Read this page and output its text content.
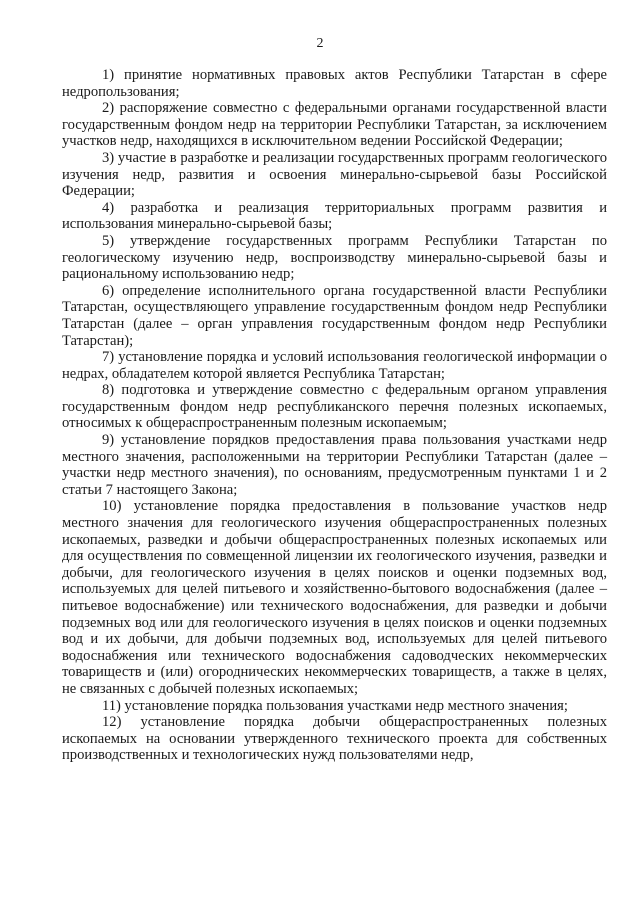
2

1) принятие нормативных правовых актов Республики Татарстан в сфере недропользования;

2) распоряжение совместно с федеральными органами государственной власти государственным фондом недр на территории Республики Татарстан, за исключением участков недр, находящихся в исключительном ведении Российской Федерации;

3) участие в разработке и реализации государственных программ геологического изучения недр, развития и освоения минерально-сырьевой базы Российской Федерации;

4) разработка и реализация территориальных программ развития и использования минерально-сырьевой базы;

5) утверждение государственных программ Республики Татарстан по геологическому изучению недр, воспроизводству минерально-сырьевой базы и рациональному использованию недр;

6) определение исполнительного органа государственной власти Республики Татарстан, осуществляющего управление государственным фондом недр Республики Татарстан (далее – орган управления государственным фондом недр Республики Татарстан);

7) установление порядка и условий использования геологической информации о недрах, обладателем которой является Республика Татарстан;

8) подготовка и утверждение совместно с федеральным органом управления государственным фондом недр республиканского перечня полезных ископаемых, относимых к общераспространенным полезным ископаемым;

9) установление порядков предоставления права пользования участками недр местного значения, расположенными на территории Республики Татарстан (далее – участки недр местного значения), по основаниям, предусмотренным пунктами 1 и 2 статьи 7 настоящего Закона;

10) установление порядка предоставления в пользование участков недр местного значения для геологического изучения общераспространенных полезных ископаемых, разведки и добычи общераспространенных полезных ископаемых или для осуществления по совмещенной лицензии их геологического изучения, разведки и добычи, для геологического изучения в целях поисков и оценки подземных вод, используемых для целей питьевого и хозяйственно-бытового водоснабжения (далее – питьевое водоснабжение) или технического водоснабжения, для разведки и добычи подземных вод или для геологического изучения в целях поисков и оценки подземных вод и их добычи, для добычи подземных вод, используемых для целей питьевого водоснабжения или технического водоснабжения садоводческих некоммерческих товариществ и (или) огороднических некоммерческих товариществ, а также в целях, не связанных с добычей полезных ископаемых;

11) установление порядка пользования участками недр местного значения;

12) установление порядка добычи общераспространенных полезных ископаемых на основании утвержденного технического проекта для собственных производственных и технологических нужд пользователями недр,
